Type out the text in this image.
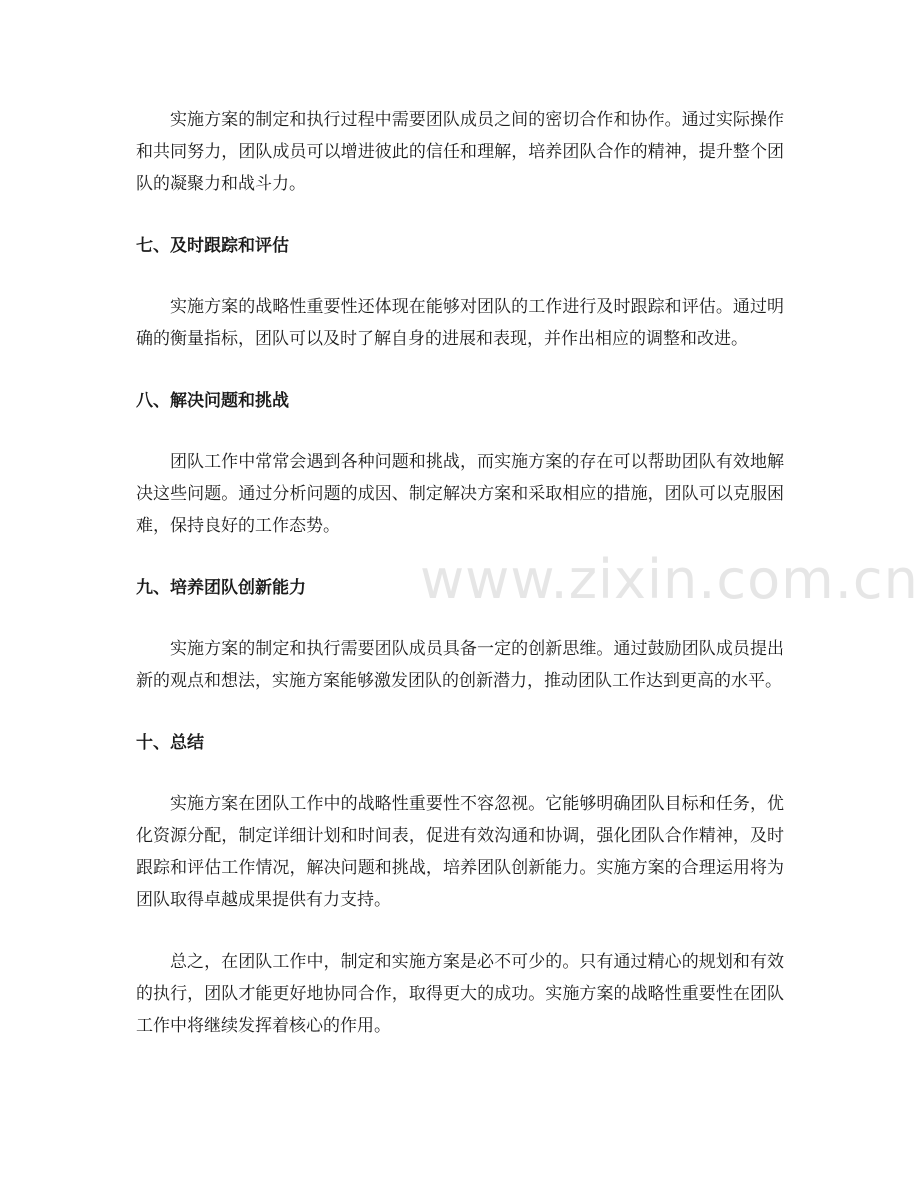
实施方案的制定和执行过程中需要团队成员之间的密切合作和协作。通过实际操作和共同努力，团队成员可以增进彼此的信任和理解，培养团队合作的精神，提升整个团队的凝聚力和战斗力。

七、及时跟踪和评估

实施方案的战略性重要性还体现在能够对团队的工作进行及时跟踪和评估。通过明确的衡量指标，团队可以及时了解自身的进展和表现，并作出相应的调整和改进。

八、解决问题和挑战

团队工作中常常会遇到各种问题和挑战，而实施方案的存在可以帮助团队有效地解决这些问题。通过分析问题的成因、制定解决方案和采取相应的措施，团队可以克服困难，保持良好的工作态势。

九、培养团队创新能力

实施方案的制定和执行需要团队成员具备一定的创新思维。通过鼓励团队成员提出新的观点和想法，实施方案能够激发团队的创新潜力，推动团队工作达到更高的水平。

十、总结

实施方案在团队工作中的战略性重要性不容忽视。它能够明确团队目标和任务，优化资源分配，制定详细计划和时间表，促进有效沟通和协调，强化团队合作精神，及时跟踪和评估工作情况，解决问题和挑战，培养团队创新能力。实施方案的合理运用将为团队取得卓越成果提供有力支持。

总之，在团队工作中，制定和实施方案是必不可少的。只有通过精心的规划和有效的执行，团队才能更好地协同合作，取得更大的成功。实施方案的战略性重要性在团队工作中将继续发挥着核心的作用。

www.zixin.com.cn
